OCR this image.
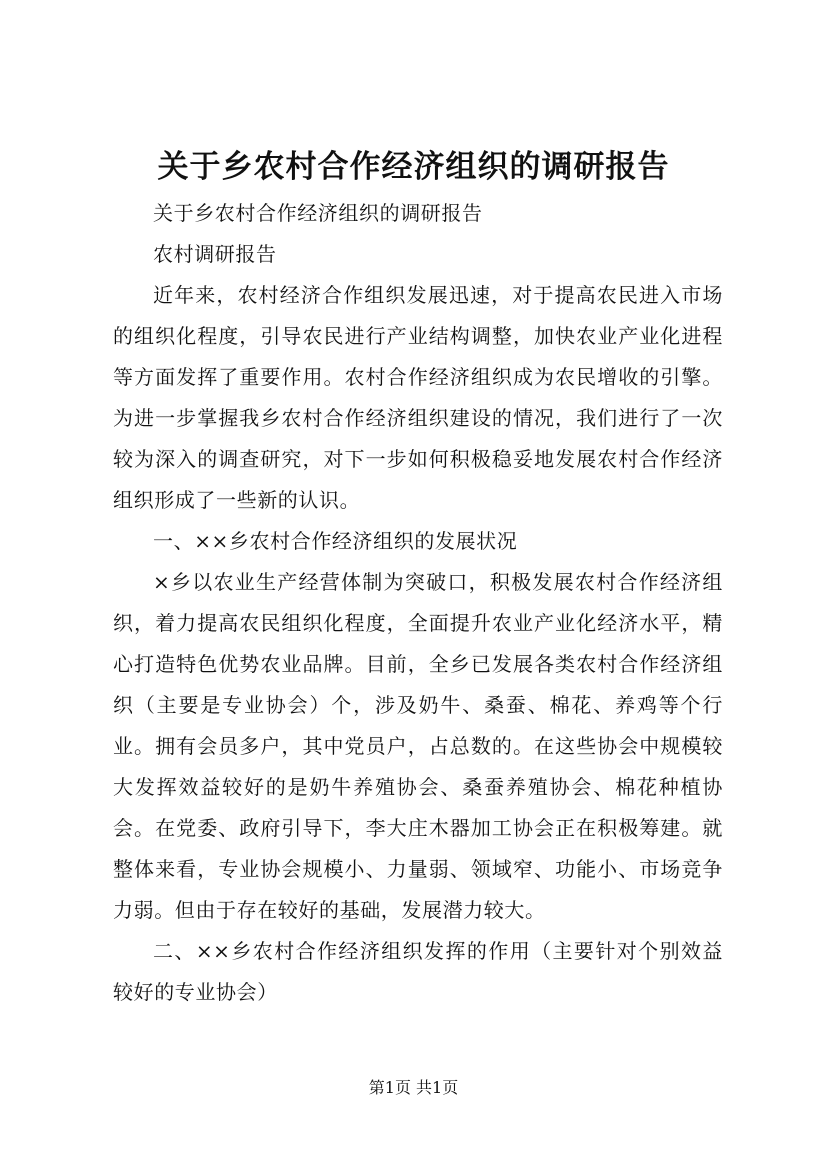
关于乡农村合作经济组织的调研报告

关于乡农村合作经济组织的调研报告

农村调研报告

近年来，农村经济合作组织发展迅速，对于提高农民进入市场的组织化程度，引导农民进行产业结构调整，加快农业产业化进程等方面发挥了重要作用。农村合作经济组织成为农民增收的引擎。为进一步掌握我乡农村合作经济组织建设的情况，我们进行了一次较为深入的调查研究，对下一步如何积极稳妥地发展农村合作经济组织形成了一些新的认识。

一、××乡农村合作经济组织的发展状况

×乡以农业生产经营体制为突破口，积极发展农村合作经济组织，着力提高农民组织化程度，全面提升农业产业化经济水平，精心打造特色优势农业品牌。目前，全乡已发展各类农村合作经济组织（主要是专业协会）个，涉及奶牛、桑蚕、棉花、养鸡等个行业。拥有会员多户，其中党员户，占总数的。在这些协会中规模较大发挥效益较好的是奶牛养殖协会、桑蚕养殖协会、棉花种植协会。在党委、政府引导下，李大庄木器加工协会正在积极筹建。就整体来看，专业协会规模小、力量弱、领域窄、功能小、市场竞争力弱。但由于存在较好的基础，发展潜力较大。

二、××乡农村合作经济组织发挥的作用（主要针对个别效益较好的专业协会）

第1页 共1页
